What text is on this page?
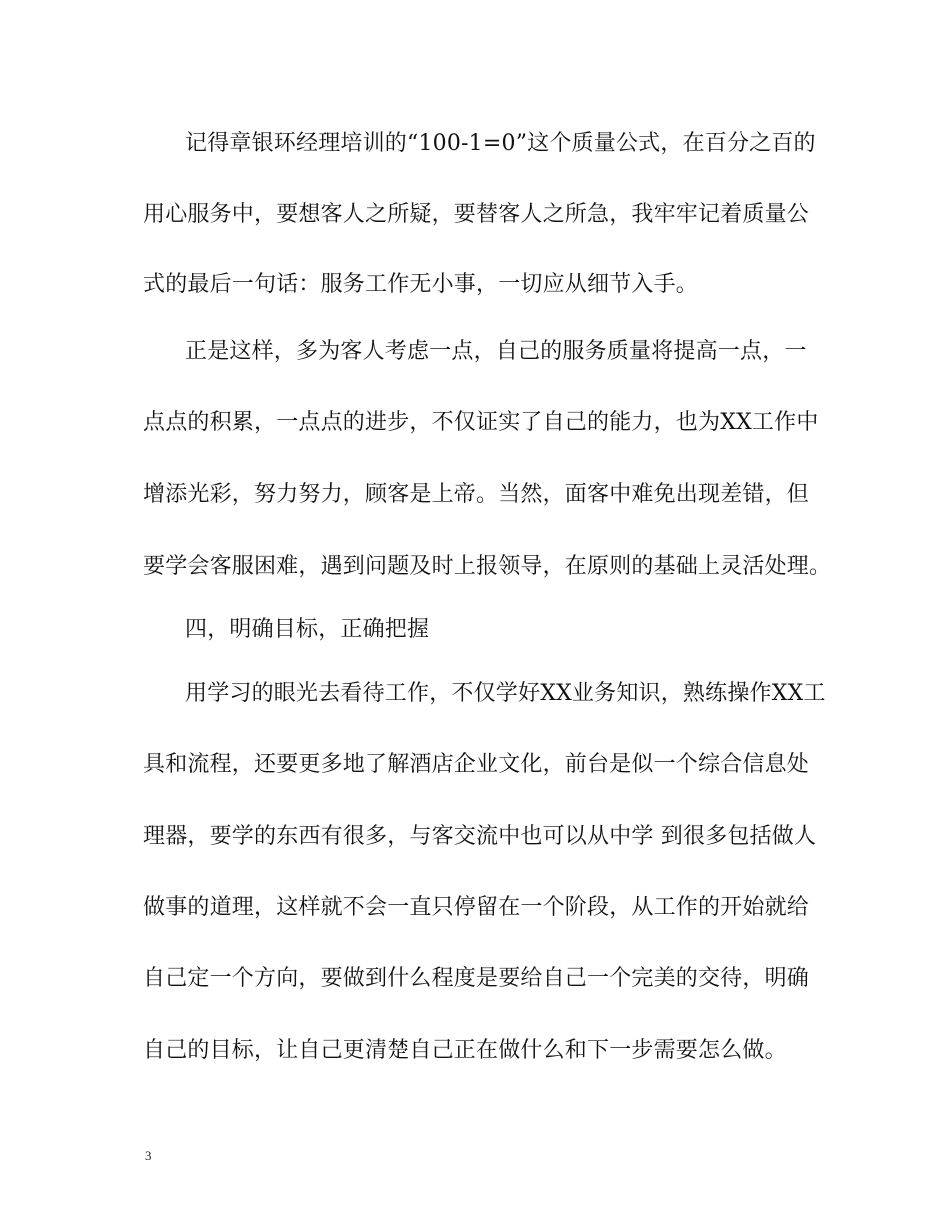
记得章银环经理培训的“100-1=0”这个质量公式，在百分之百的
用心服务中，要想客人之所疑，要替客人之所急，我牢牢记着质量公
式的最后一句话：服务工作无小事，一切应从细节入手。
正是这样，多为客人考虑一点，自己的服务质量将提高一点，一
点点的积累，一点点的进步，不仅证实了自己的能力，也为XX工作中
增添光彩，努力努力，顾客是上帝。当然，面客中难免出现差错，但
要学会客服困难，遇到问题及时上报领导，在原则的基础上灵活处理。
四，明确目标，正确把握
用学习的眼光去看待工作，不仅学好XX业务知识，熟练操作XX工
具和流程，还要更多地了解酒店企业文化，前台是似一个综合信息处
理器，要学的东西有很多，与客交流中也可以从中学 到很多包括做人
做事的道理，这样就不会一直只停留在一个阶段，从工作的开始就给
自己定一个方向，要做到什么程度是要给自己一个完美的交待，明确
自己的目标，让自己更清楚自己正在做什么和下一步需要怎么做。
3
